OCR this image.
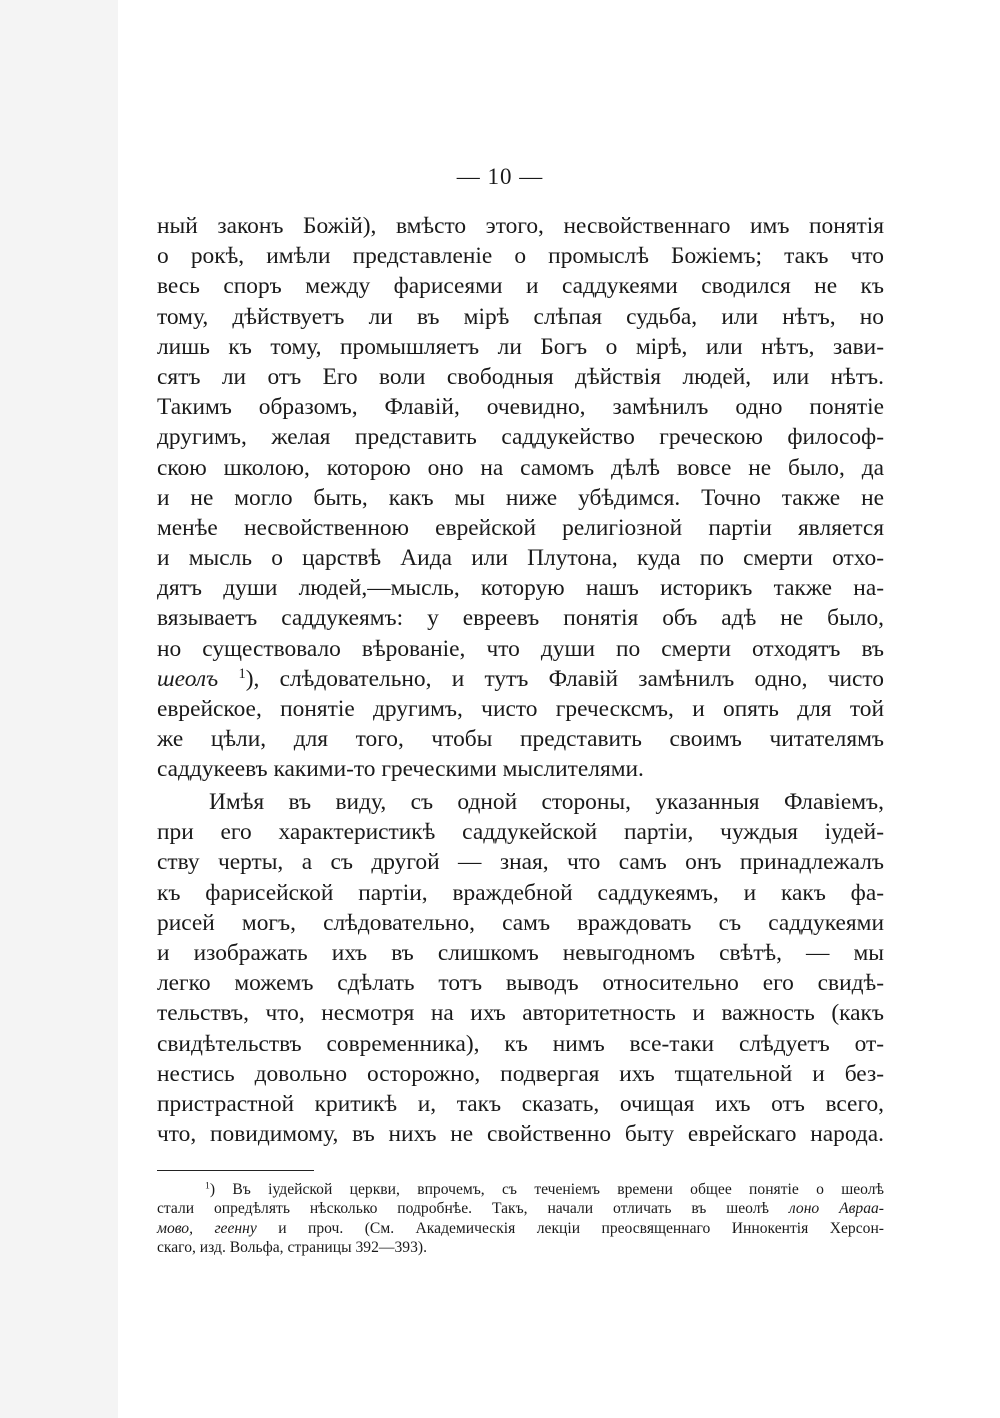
— 10 —
ный законъ Божій), вмѣсто этого, несвойственнаго имъ понятія
о рокѣ, имѣли представленіе о промыслѣ Божіемъ; такъ что
весь споръ между фарисеями и саддукеями сводился не къ
тому, дѣйствуетъ ли въ мірѣ слѣпая судьба, или нѣтъ, но
лишь къ тому, промышляетъ ли Богъ о мірѣ, или нѣтъ, зави-
сятъ ли отъ Его воли свободныя дѣйствія людей, или нѣтъ.
Такимъ образомъ, Флавій, очевидно, замѣнилъ одно понятіе
другимъ, желая представить саддукейство греческою философ-
скою школою, которою оно на самомъ дѣлѣ вовсе не было, да
и не могло быть, какъ мы ниже убѣдимся. Точно также не
менѣе несвойственною еврейской религіозной партіи является
и мысль о царствѣ Аида или Плутона, куда по смерти отхо-
дятъ души людей,—мысль, которую нашъ историкъ также на-
вязываетъ саддукеямъ: у евреевъ понятія объ адѣ не было,
но существовало вѣрованіе, что души по смерти отходятъ въ
шеолъ $^1$), слѣдовательно, и тутъ Флавій замѣнилъ одно, чисто
еврейское, понятіе другимъ, чисто греческсмъ, и опять для той
же цѣли, для того, чтобы представить своимъ читателямъ
саддукеевъ какими-то греческими мыслителями.
Имѣя въ виду, съ одной стороны, указанныя Флавіемъ,
при его характеристикѣ саддукейской партіи, чуждыя іудей-
ству черты, а съ другой — зная, что самъ онъ принадлежалъ
къ фарисейской партіи, враждебной саддукеямъ, и какъ фа-
рисей могъ, слѣдовательно, самъ враждовать съ саддукеями
и изображать ихъ въ слишкомъ невыгодномъ свѣтѣ, — мы
легко можемъ сдѣлать тотъ выводъ относительно его свидѣ-
тельствъ, что, несмотря на ихъ авторитетность и важность (какъ
свидѣтельствъ современника), къ нимъ все-таки слѣдуетъ от-
нестись довольно осторожно, подвергая ихъ тщательной и без-
пристрастной критикѣ и, такъ сказать, очищая ихъ отъ всего,
что, повидимому, въ нихъ не свойственно быту еврейскаго народа.
$^1$) Въ іудейской церкви, впрочемъ, съ теченіемъ времени общее понятіе о шеолѣ
стали опредѣлять нѣсколько подробнѣе. Такъ, начали отличать въ шеолѣ лоно Авраа-
мово, геенну и проч. (См. Академическія лекціи преосвященнаго Иннокентія Херсон-
скаго, изд. Вольфа, страницы 392—393).
